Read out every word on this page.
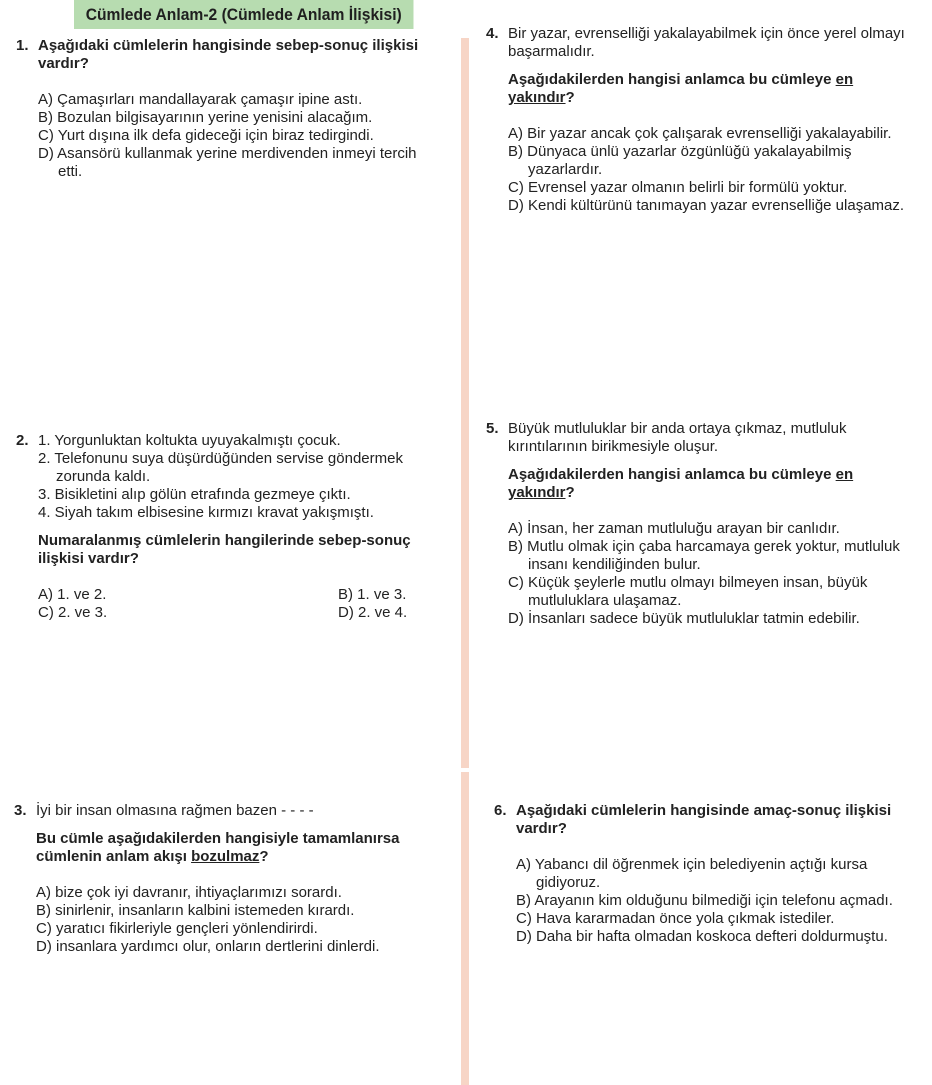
Cümlede Anlam-2 (Cümlede Anlam İlişkisi)
1. Aşağıdaki cümlelerin hangisinde sebep-sonuç ilişkisi vardır?
A) Çamaşırları mandallayarak çamaşır ipine astı.
B) Bozulan bilgisayarının yerine yenisini alacağım.
C) Yurt dışına ilk defa gideceği için biraz tedirgindi.
D) Asansörü kullanmak yerine merdivenden inmeyi tercih etti.
2. 1. Yorgunluktan koltukta uyuyakalmıştı çocuk.
2. Telefonunu suya düşürdüğünden servise göndermek zorunda kaldı.
3. Bisikletini alıp gölün etrafında gezmeye çıktı.
4. Siyah takım elbisesine kırmızı kravat yakışmıştı.
Numaralanmış cümlelerin hangilerinde sebep-sonuç ilişkisi vardır?
A) 1. ve 2.	B) 1. ve 3.
C) 2. ve 3.	D) 2. ve 4.
3. İyi bir insan olmasına rağmen bazen - - - -
Bu cümle aşağıdakilerden hangisiyle tamamlanırsa cümlenin anlam akışı bozulmaz?
A) bize çok iyi davranır, ihtiyaçlarımızı sorardı.
B) sinirlenir, insanların kalbini istemeden kırardı.
C) yaratıcı fikirleriyle gençleri yönlendirirdi.
D) insanlara yardımcı olur, onların dertlerini dinlerdi.
4. Bir yazar, evrenselliği yakalayabilmek için önce yerel olmayı başarmalıdır.
Aşağıdakilerden hangisi anlamca bu cümleye en yakındır?
A) Bir yazar ancak çok çalışarak evrenselliği yakalayabilir.
B) Dünyaca ünlü yazarlar özgünlüğü yakalayabilmiş yazarlardır.
C) Evrensel yazar olmanın belirli bir formülü yoktur.
D) Kendi kültürünü tanımayan yazar evrenselliğe ulaşamaz.
5. Büyük mutluluklar bir anda ortaya çıkmaz, mutluluk kırıntılarının birikmesiyle oluşur.
Aşağıdakilerden hangisi anlamca bu cümleye en yakındır?
A) İnsan, her zaman mutluluğu arayan bir canlıdır.
B) Mutlu olmak için çaba harcamaya gerek yoktur, mutluluk insanı kendiliğinden bulur.
C) Küçük şeylerle mutlu olmayı bilmeyen insan, büyük mutluluklara ulaşamaz.
D) İnsanları sadece büyük mutluluklar tatmin edebilir.
6. Aşağıdaki cümlelerin hangisinde amaç-sonuç ilişkisi vardır?
A) Yabancı dil öğrenmek için belediyenin açtığı kursa gidiyoruz.
B) Arayanın kim olduğunu bilmediği için telefonu açmadı.
C) Hava kararmadan önce yola çıkmak istediler.
D) Daha bir hafta olmadan koskoca defteri doldurmuştu.
